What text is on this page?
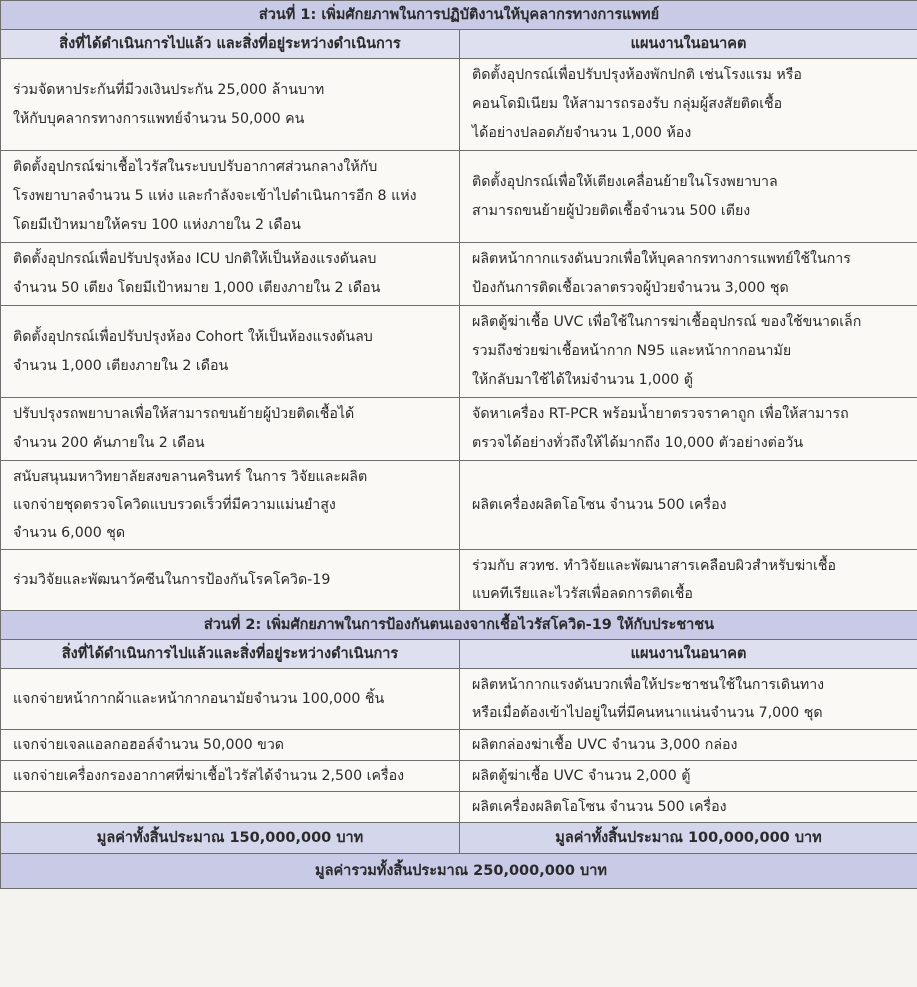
ส่วนที่ 1: เพิ่มศักยภาพในการปฏิบัติงานให้บุคลากรทางการแพทย์	
สิ่งที่ได้ดำเนินการไปแล้ว และสิ่งที่อยู่ระหว่างดำเนินการ	แผนงานในอนาคต

ร่วมจัดหาประกันที่มีวงเงินประกัน 25,000 ล้านบาท
ให้กับบุคลากรทางการแพทย์จำนวน 50,000 คน	ติดตั้งอุปกรณ์เพื่อปรับปรุงห้องพักปกติ เช่นโรงแรม หรือ
คอนโดมิเนียม ให้สามารถรองรับ กลุ่มผู้สงสัยติดเชื้อ
ได้อย่างปลอดภัยจำนวน 1,000 ห้อง

ติดตั้งอุปกรณ์ฆ่าเชื้อไวรัสในระบบปรับอากาศส่วนกลางให้กับ
โรงพยาบาลจำนวน 5 แห่ง และกำลังจะเข้าไปดำเนินการอีก 8 แห่ง
โดยมีเป้าหมายให้ครบ 100 แห่งภายใน 2 เดือน	ติดตั้งอุปกรณ์เพื่อให้เตียงเคลื่อนย้ายในโรงพยาบาล
สามารถขนย้ายผู้ป่วยติดเชื้อจำนวน 500 เตียง

ติดตั้งอุปกรณ์เพื่อปรับปรุงห้อง ICU ปกติให้เป็นห้องแรงดันลบ
จำนวน 50 เตียง โดยมีเป้าหมาย 1,000 เตียงภายใน 2 เดือน	ผลิตหน้ากากแรงดันบวกเพื่อให้บุคลากรทางการแพทย์ใช้ในการ
ป้องกันการติดเชื้อเวลาตรวจผู้ป่วยจำนวน 3,000 ชุด

ติดตั้งอุปกรณ์เพื่อปรับปรุงห้อง Cohort ให้เป็นห้องแรงดันลบ
จำนวน 1,000 เตียงภายใน 2 เดือน	ผลิตตู้ฆ่าเชื้อ UVC เพื่อใช้ในการฆ่าเชื้ออุปกรณ์ ของใช้ขนาดเล็ก
รวมถึงช่วยฆ่าเชื้อหน้ากาก N95 และหน้ากากอนามัย
ให้กลับมาใช้ได้ใหม่จำนวน 1,000 ตู้

ปรับปรุงรถพยาบาลเพื่อให้สามารถขนย้ายผู้ป่วยติดเชื้อได้
จำนวน 200 คันภายใน 2 เดือน	จัดหาเครื่อง RT-PCR พร้อมน้ำยาตรวจราคาถูก เพื่อให้สามารถ
ตรวจได้อย่างทั่วถึงให้ได้มากถึง 10,000 ตัวอย่างต่อวัน

สนับสนุนมหาวิทยาลัยสงขลานครินทร์ ในการ วิจัยและผลิต
แจกจ่ายชุดตรวจโควิดแบบรวดเร็วที่มีความแม่นยำสูง
จำนวน 6,000 ชุด	ผลิตเครื่องผลิตโอโซน จำนวน 500 เครื่อง

ร่วมวิจัยและพัฒนาวัคซีนในการป้องกันโรคโควิด-19	ร่วมกับ สวทช. ทำวิจัยและพัฒนาสารเคลือบผิวสำหรับฆ่าเชื้อ
แบคทีเรียและไวรัสเพื่อลดการติดเชื้อ

ส่วนที่ 2: เพิ่มศักยภาพในการป้องกันตนเองจากเชื้อไวรัสโควิด-19 ให้กับประชาชน	
สิ่งที่ได้ดำเนินการไปแล้วและสิ่งที่อยู่ระหว่างดำเนินการ	แผนงานในอนาคต

แจกจ่ายหน้ากากผ้าและหน้ากากอนามัยจำนวน 100,000 ชิ้น	ผลิตหน้ากากแรงดันบวกเพื่อให้ประชาชนใช้ในการเดินทาง
หรือเมื่อต้องเข้าไปอยู่ในที่มีคนหนาแน่นจำนวน 7,000 ชุด

แจกจ่ายเจลแอลกอฮอล์จำนวน 50,000 ขวด	ผลิตกล่องฆ่าเชื้อ UVC จำนวน 3,000 กล่อง

แจกจ่ายเครื่องกรองอากาศที่ฆ่าเชื้อไวรัสได้จำนวน 2,500 เครื่อง	ผลิตตู้ฆ่าเชื้อ UVC จำนวน 2,000 ตู้

	ผลิตเครื่องผลิตโอโซน จำนวน 500 เครื่อง

มูลค่าทั้งสิ้นประมาณ 150,000,000 บาท	มูลค่าทั้งสิ้นประมาณ 100,000,000 บาท
มูลค่ารวมทั้งสิ้นประมาณ 250,000,000 บาท	
